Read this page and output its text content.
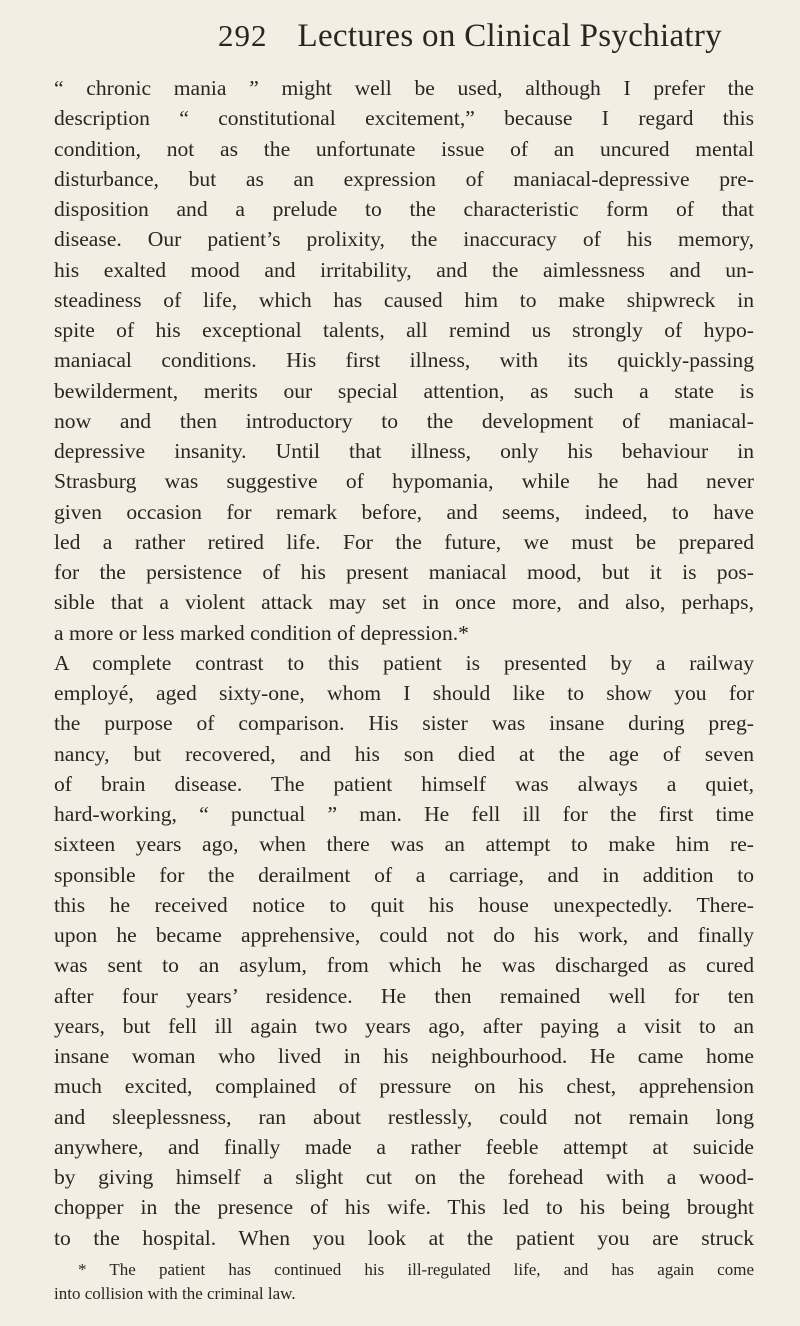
292 Lectures on Clinical Psychiatry
“ chronic mania ” might well be used, although I prefer the
description “ constitutional excitement,” because I regard this
condition, not as the unfortunate issue of an uncured mental
disturbance, but as an expression of maniacal-depressive pre-
disposition and a prelude to the characteristic form of that
disease. Our patient’s prolixity, the inaccuracy of his memory,
his exalted mood and irritability, and the aimlessness and un-
steadiness of life, which has caused him to make shipwreck in
spite of his exceptional talents, all remind us strongly of hypo-
maniacal conditions. His first illness, with its quickly-passing
bewilderment, merits our special attention, as such a state is
now and then introductory to the development of maniacal-
depressive insanity. Until that illness, only his behaviour in
Strasburg was suggestive of hypomania, while he had never
given occasion for remark before, and seems, indeed, to have
led a rather retired life. For the future, we must be prepared
for the persistence of his present maniacal mood, but it is pos-
sible that a violent attack may set in once more, and also, perhaps,
a more or less marked condition of depression.*
A complete contrast to this patient is presented by a railway
employé, aged sixty-one, whom I should like to show you for
the purpose of comparison. His sister was insane during preg-
nancy, but recovered, and his son died at the age of seven
of brain disease. The patient himself was always a quiet,
hard-working, “ punctual ” man. He fell ill for the first time
sixteen years ago, when there was an attempt to make him re-
sponsible for the derailment of a carriage, and in addition to
this he received notice to quit his house unexpectedly. There-
upon he became apprehensive, could not do his work, and finally
was sent to an asylum, from which he was discharged as cured
after four years’ residence. He then remained well for ten
years, but fell ill again two years ago, after paying a visit to an
insane woman who lived in his neighbourhood. He came home
much excited, complained of pressure on his chest, apprehension
and sleeplessness, ran about restlessly, could not remain long
anywhere, and finally made a rather feeble attempt at suicide
by giving himself a slight cut on the forehead with a wood-
chopper in the presence of his wife. This led to his being brought
to the hospital. When you look at the patient you are struck
* The patient has continued his ill-regulated life, and has again come
into collision with the criminal law.
